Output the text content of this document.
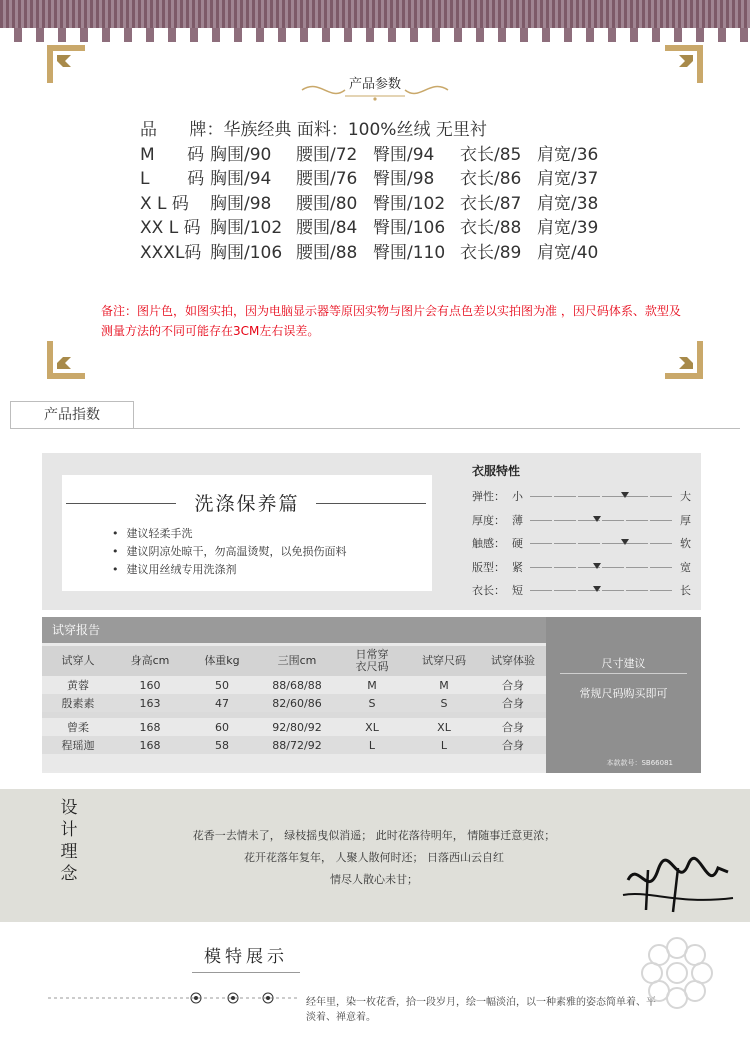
产品参数
品      牌 ： 华族经典 面料：100%丝绒 无里衬
M      码 胸围/90	腰围/72 臀围/94	衣长/85 肩宽/36
L       码 胸围/94	腰围/76 臀围/98	衣长/86 肩宽/37
X L 码	胸围/98	腰围/80 臀围/102 衣长/87 肩宽/38
XX L 码 胸围/102 腰围/84 臀围/106 衣长/88 肩宽/39
XXXL码 胸围/106 腰围/88 臀围/110 衣长/89 肩宽/40
备注：图片色，如图实拍，因为电脑显示器等原因实物与图片会有点色差以实拍图为准 ，因尺码体系、款型及测量方法的不同可能存在3CM左右误差。
产品指数
洗涤保养篇
• 建议轻柔手洗
• 建议阴凉处晾干，勿高温烫熨，以免损伤面料
• 建议用丝绒专用洗涤剂
衣服特性
弹性： 小	大
厚度： 薄	厚
触感： 硬	软
版型： 紧	宽
衣长： 短	长
试穿报告
试穿人	身高cm	体重kg	三围cm	日常穿
衣尺码	试穿尺码	试穿体验
黄蓉	160	50	88/68/88	M	M	合身
殷素素	163	47	82/60/86	S	S	合身

曾柔	168	60	92/80/92	XL	XL	合身
程瑶迦	168	58	88/72/92	L	L	合身

尺寸建议
常规尺码购买即可
本款款号：SB66081
设
计
理
念
花香一去情未了， 绿枝摇曳似消遥； 此时花落待明年， 情随事迁意更浓；
花开花落年复年， 人聚人散何时还； 日落西山云自红
情尽人散心未甘；
模特展示
经年里，染一枚花香，拾一段岁月，绘一幅淡泊，以一种素雅的姿态简单着、平淡着、禅意着。
